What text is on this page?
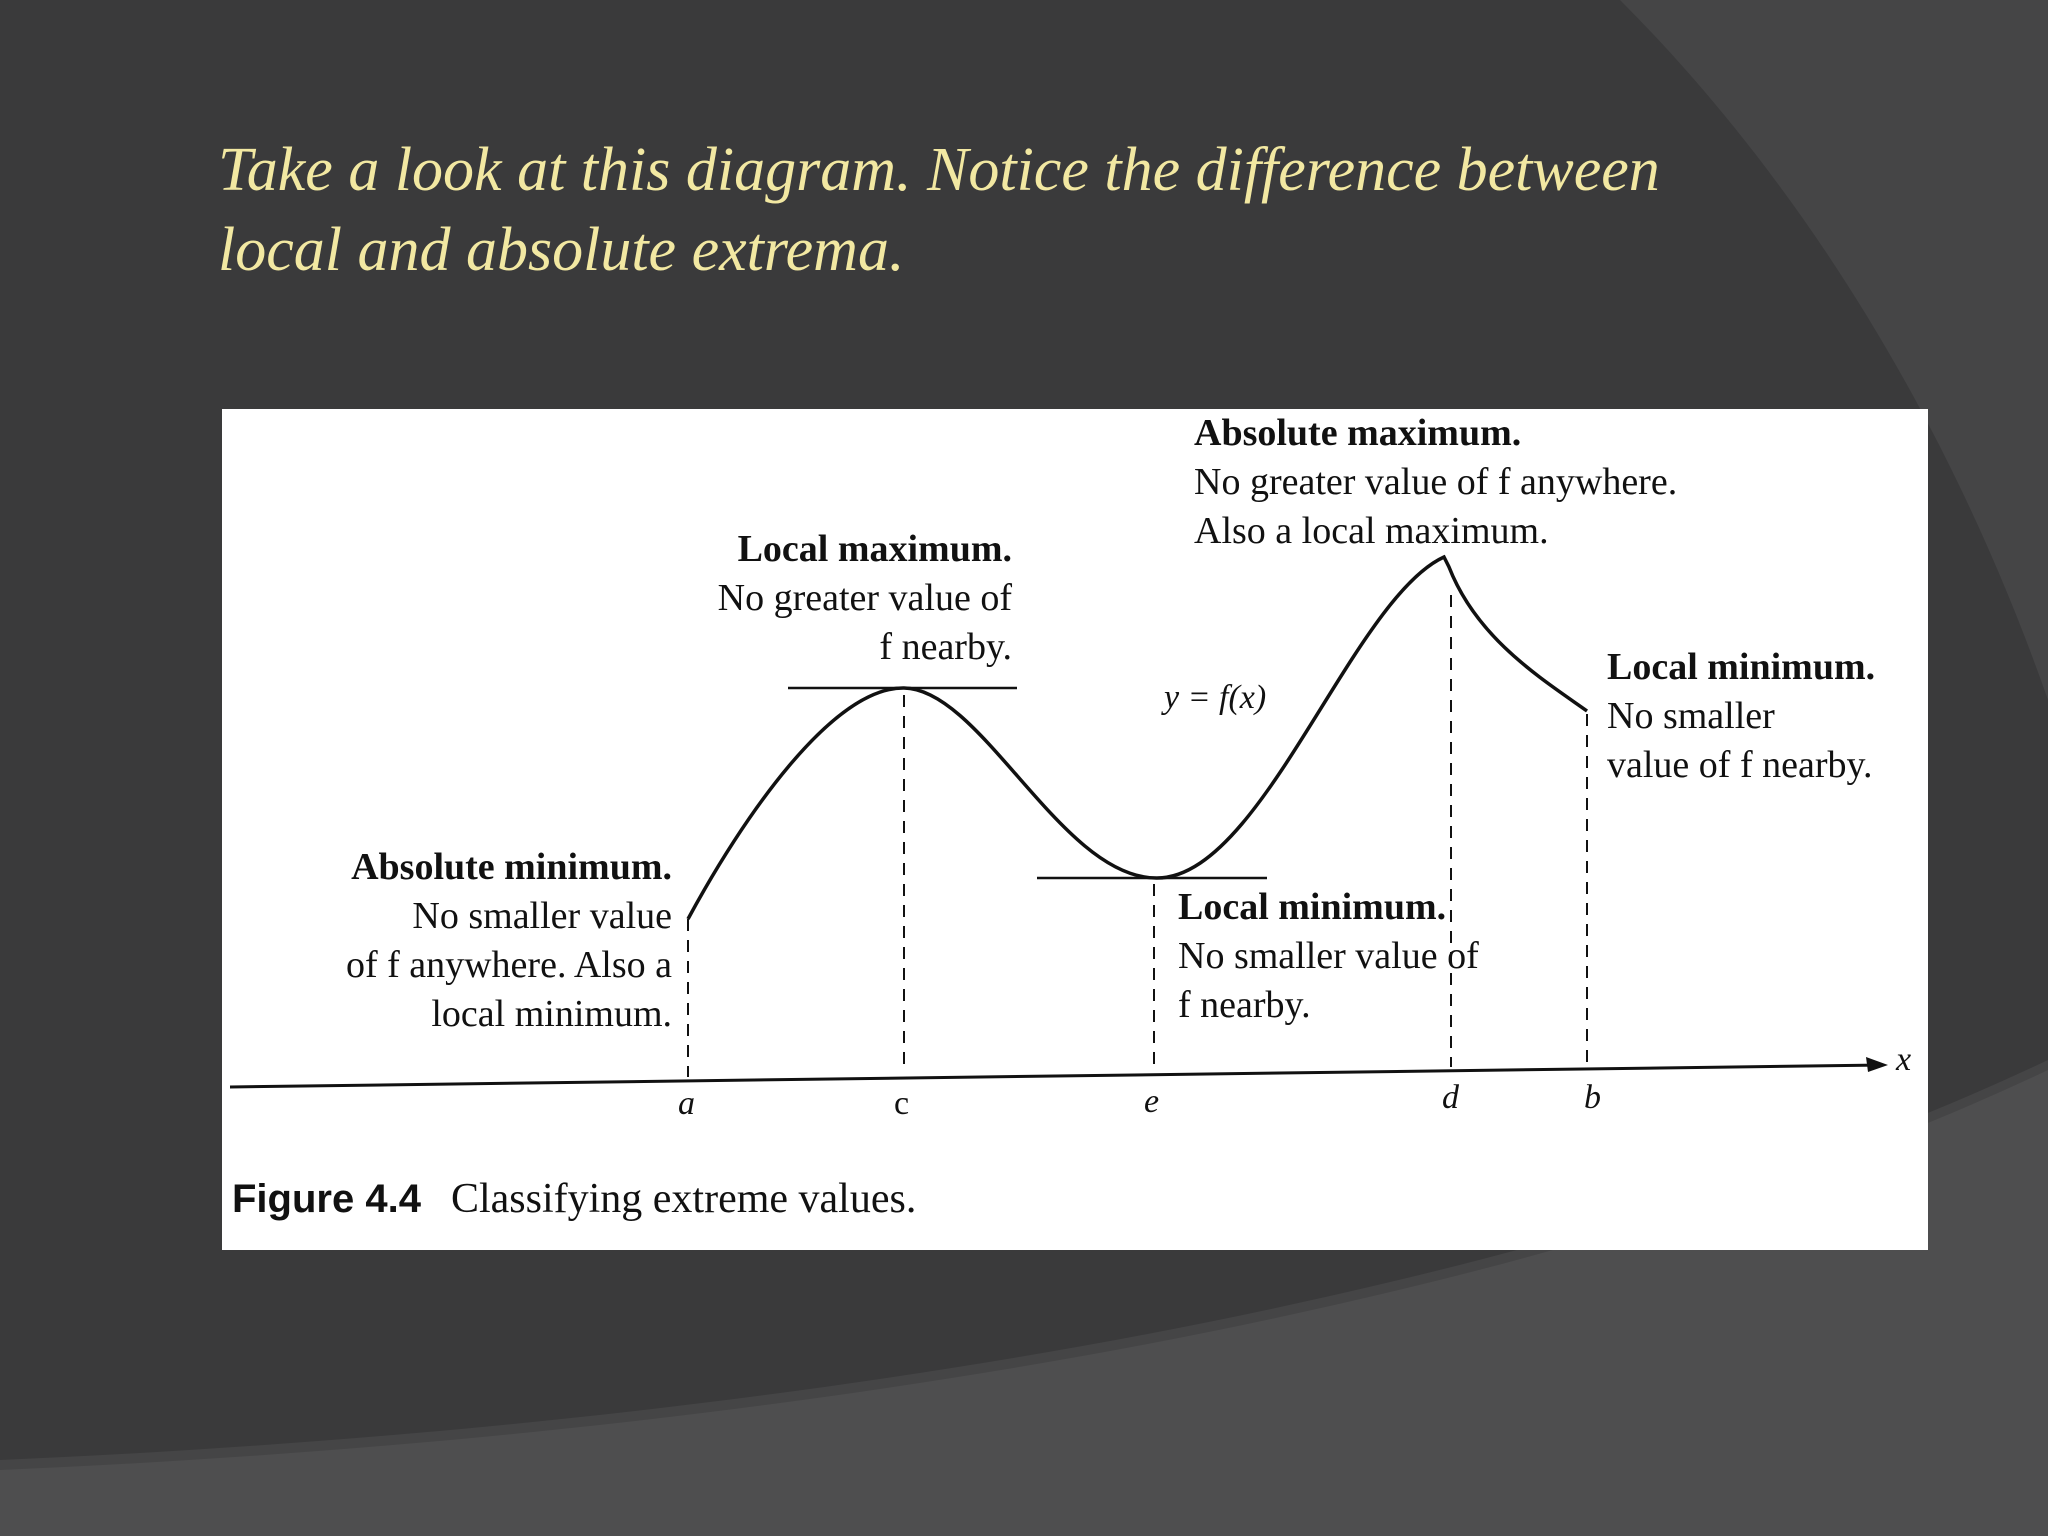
Take a look at this diagram. Notice the difference between
local and absolute extrema.
Absolute maximum.
No greater value of f anywhere.
Also a local maximum.
Local maximum.
No greater value of
f nearby.
y = f(x)
Local minimum.
No smaller
value of f nearby.
Absolute minimum.
No smaller value
of f anywhere. Also a
local minimum.
Local minimum.
No smaller value of
f nearby.
a	c	e	d	b
x
Figure 4.4 Classifying extreme values.
